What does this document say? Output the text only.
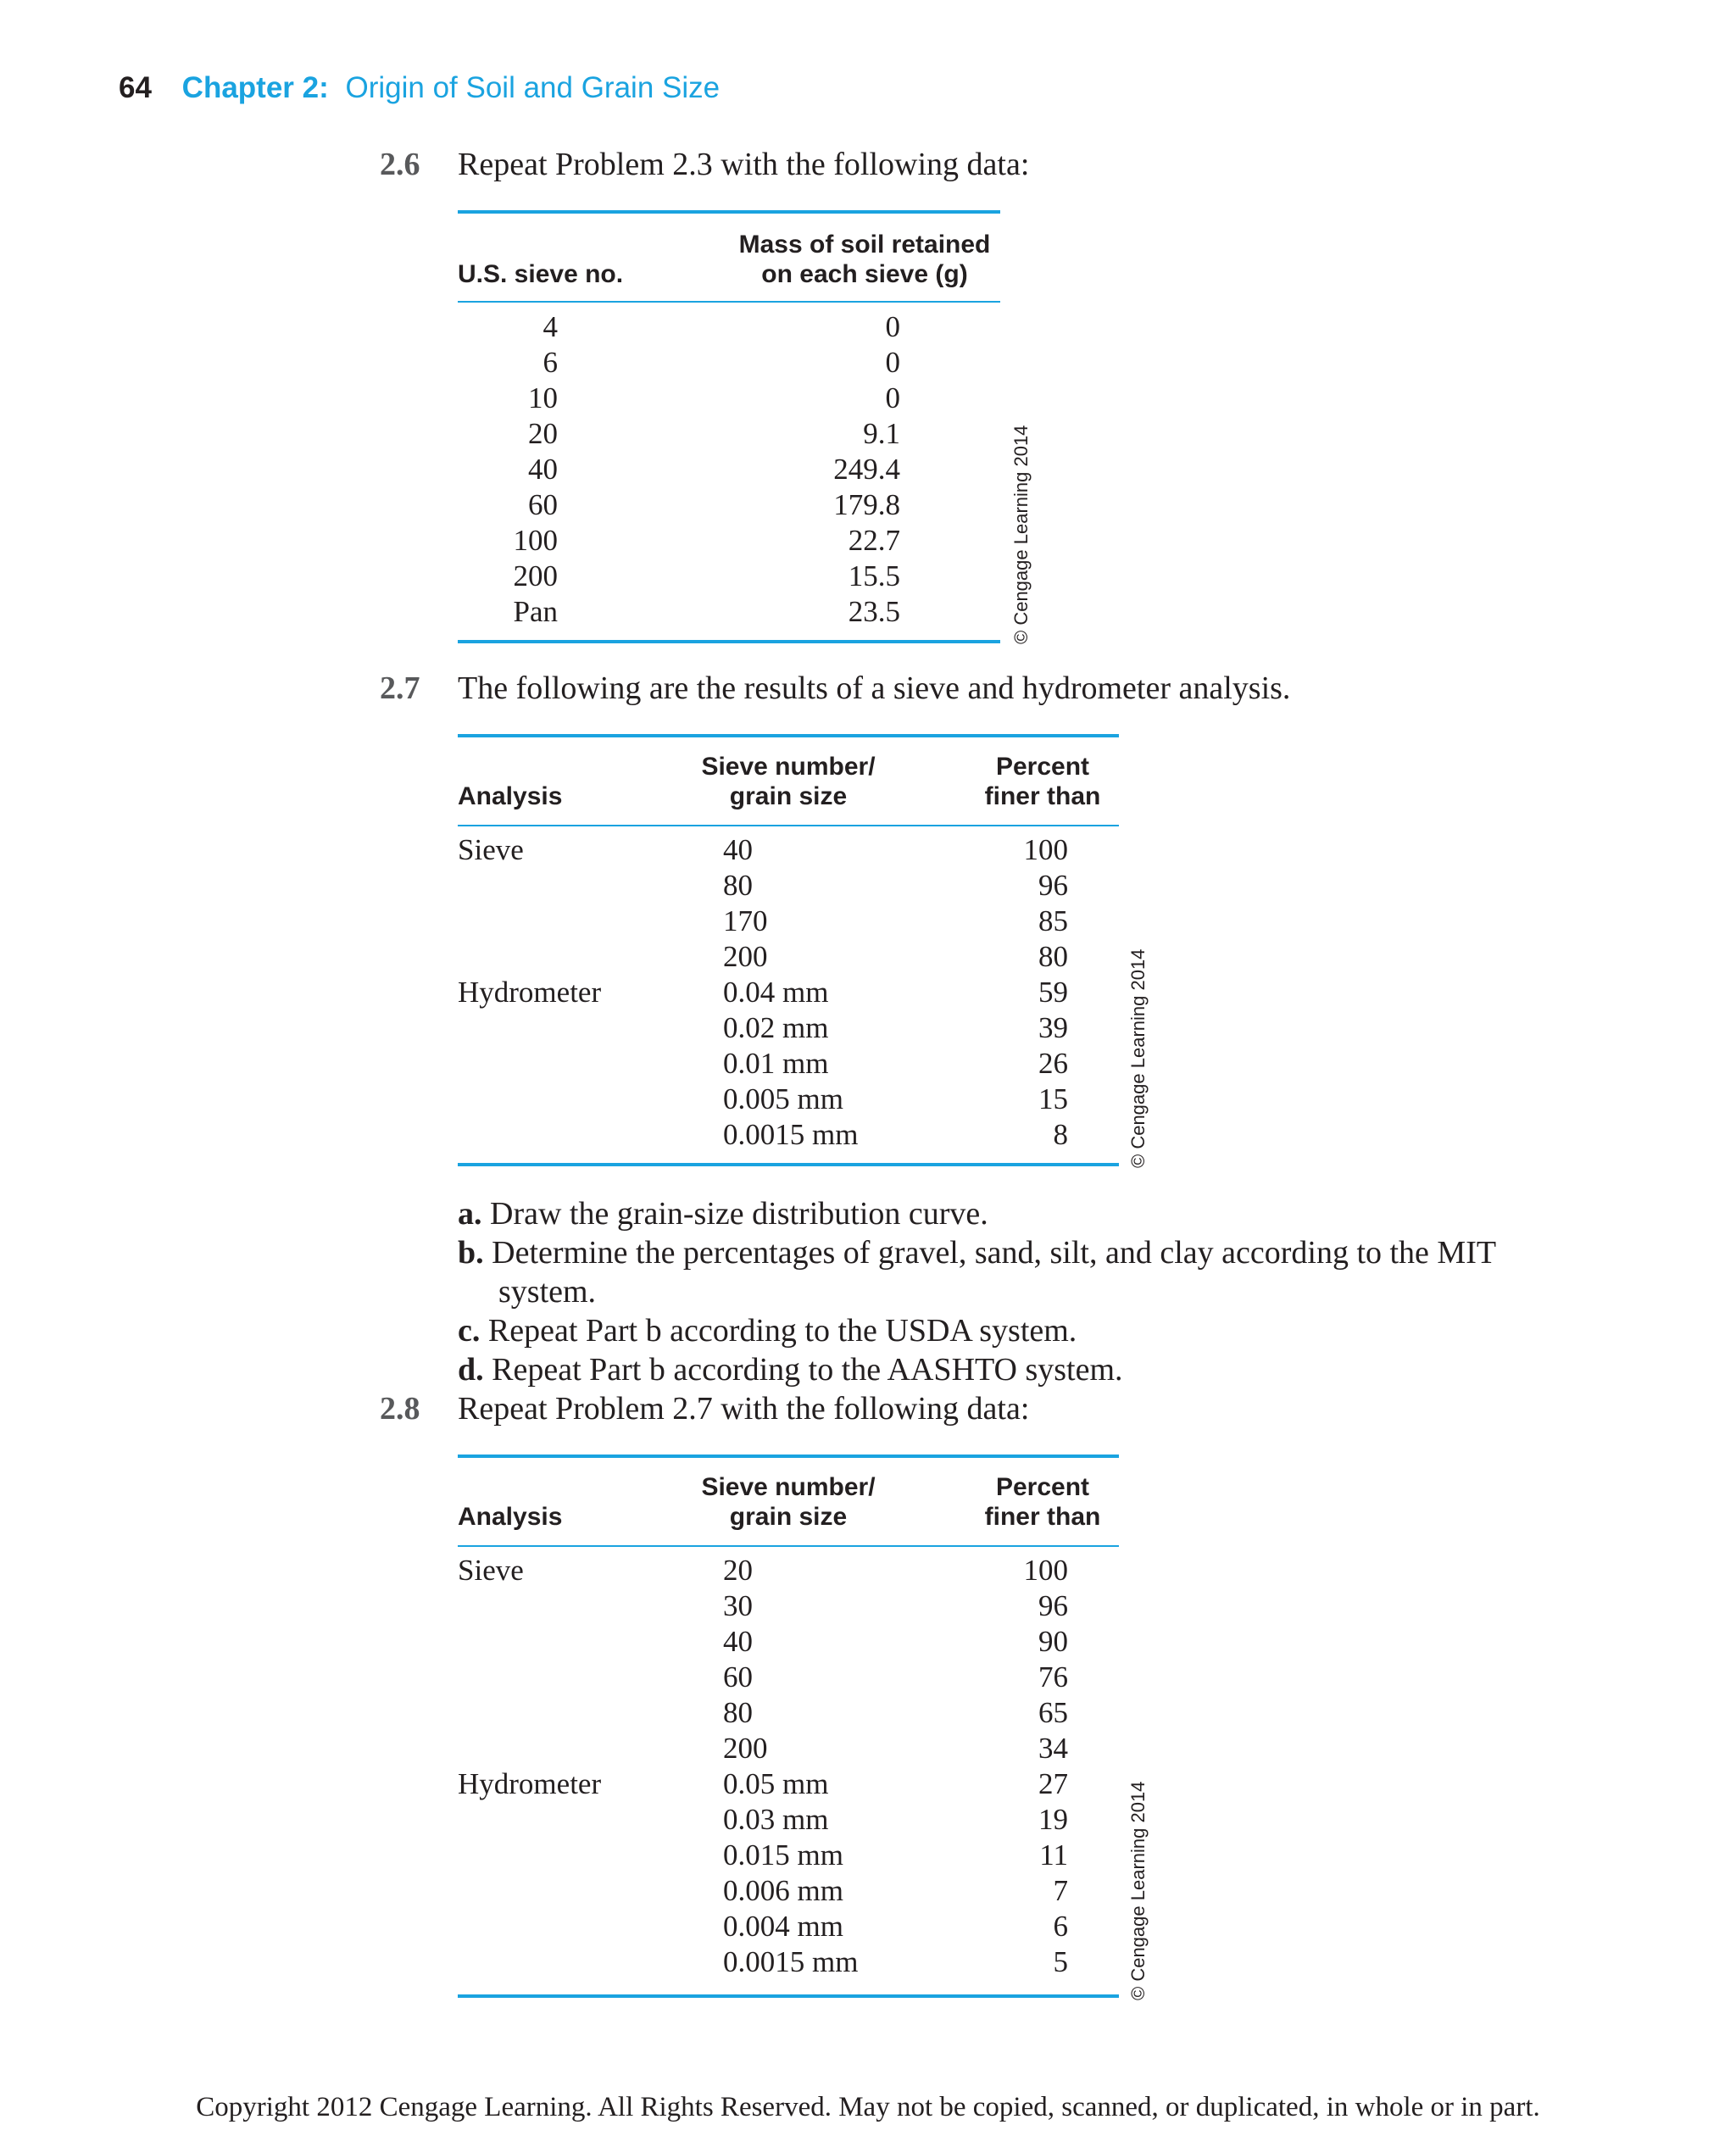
64 Chapter 2: Origin of Soil and Grain Size
2.6 Repeat Problem 2.3 with the following data:
U.S. sieve no.
Mass of soil retained
on each sieve (g)
4	0
6	0
10	0
20	9.1
40	249.4
60	179.8
100	22.7
200	15.5
Pan	23.5	© Cengage Learning 2014
2.7 The following are the results of a sieve and hydrometer analysis.
Analysis
Sieve number/
grain size
Percent
finer than
Sieve	40	100
80	96
170	85
200	80
Hydrometer	0.04 mm	59
0.02 mm	39
0.01 mm	26
0.005 mm	15
0.0015 mm	8	© Cengage Learning 2014
a. Draw the grain-size distribution curve.
b. Determine the percentages of gravel, sand, silt, and clay according to the MIT
system.
c. Repeat Part b according to the USDA system.
d. Repeat Part b according to the AASHTO system.
2.8 Repeat Problem 2.7 with the following data:
Analysis
Sieve number/
grain size
Percent
finer than
Sieve	20	100
30	96
40	90
60	76
80	65
200	34
Hydrometer	0.05 mm	27
0.03 mm	19
0.015 mm	11
0.006 mm	7
0.004 mm	6
0.0015 mm	5	© Cengage Learning 2014
Copyright 2012 Cengage Learning. All Rights Reserved. May not be copied, scanned, or duplicated, in whole or in part.
